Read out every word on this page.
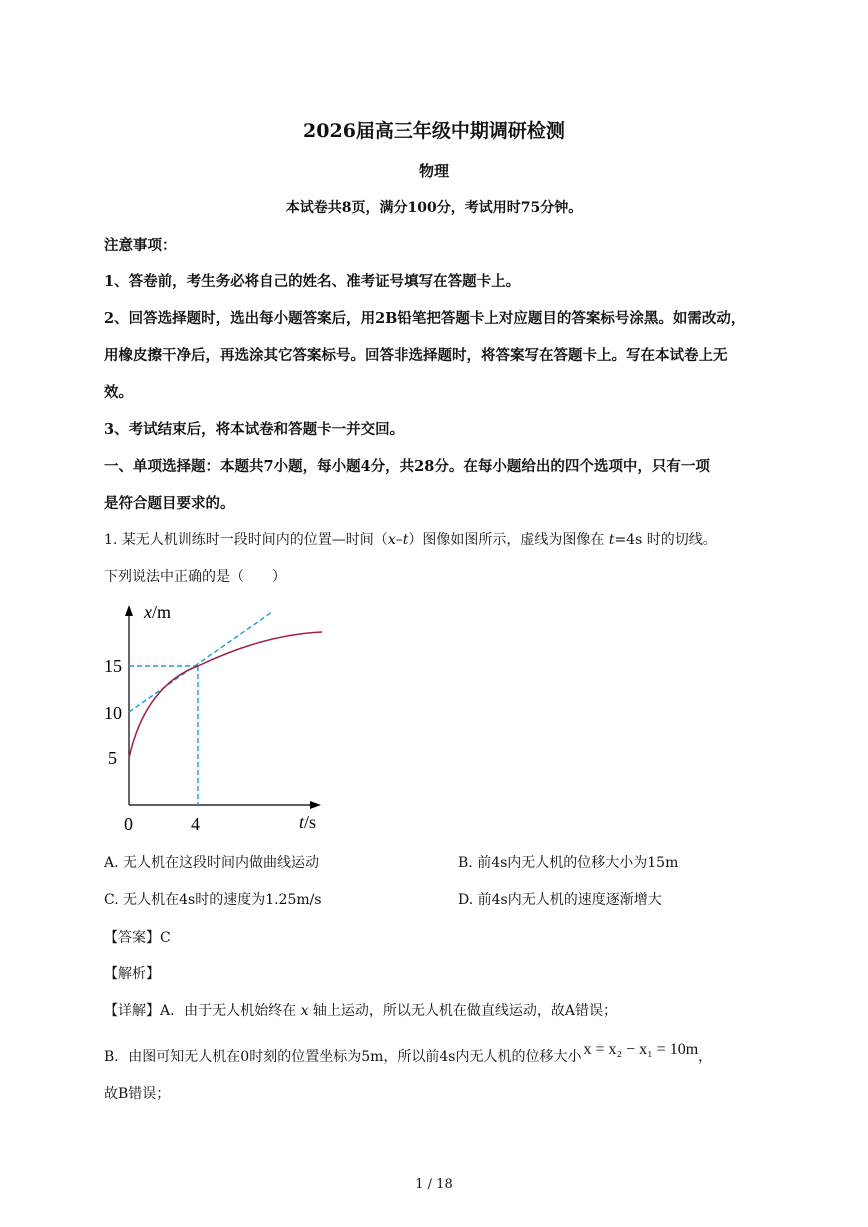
2026届高三年级中期调研检测
物理
本试卷共8页，满分100分，考试用时75分钟。
注意事项：
1、答卷前，考生务必将自己的姓名、准考证号填写在答题卡上。
2、回答选择题时，选出每小题答案后，用2B铅笔把答题卡上对应题目的答案标号涂黑。如需改动，
用橡皮擦干净后，再选涂其它答案标号。回答非选择题时，将答案写在答题卡上。写在本试卷上无
效。
3、考试结束后，将本试卷和答题卡一并交回。
一、单项选择题：本题共7小题，每小题4分，共28分。在每小题给出的四个选项中，只有一项
是符合题目要求的。
1. 某无人机训练时一段时间内的位置—时间（x–t）图像如图所示，虚线为图像在 t=4s 时的切线。
下列说法中正确的是（　　）
x/m
15
10
5
0	4	t/s
A. 无人机在这段时间内做曲线运动	B. 前4s内无人机的位移大小为15m
C. 无人机在4s时的速度为1.25m/s	D. 前4s内无人机的速度逐渐增大
【答案】C
【解析】
【详解】A．由于无人机始终在 x 轴上运动，所以无人机在做直线运动，故A错误；
B．由图可知无人机在0时刻的位置坐标为5m，所以前4s内无人机的位移大小 x = x₂ − x₁ = 10m，
故B错误；
1 / 18
